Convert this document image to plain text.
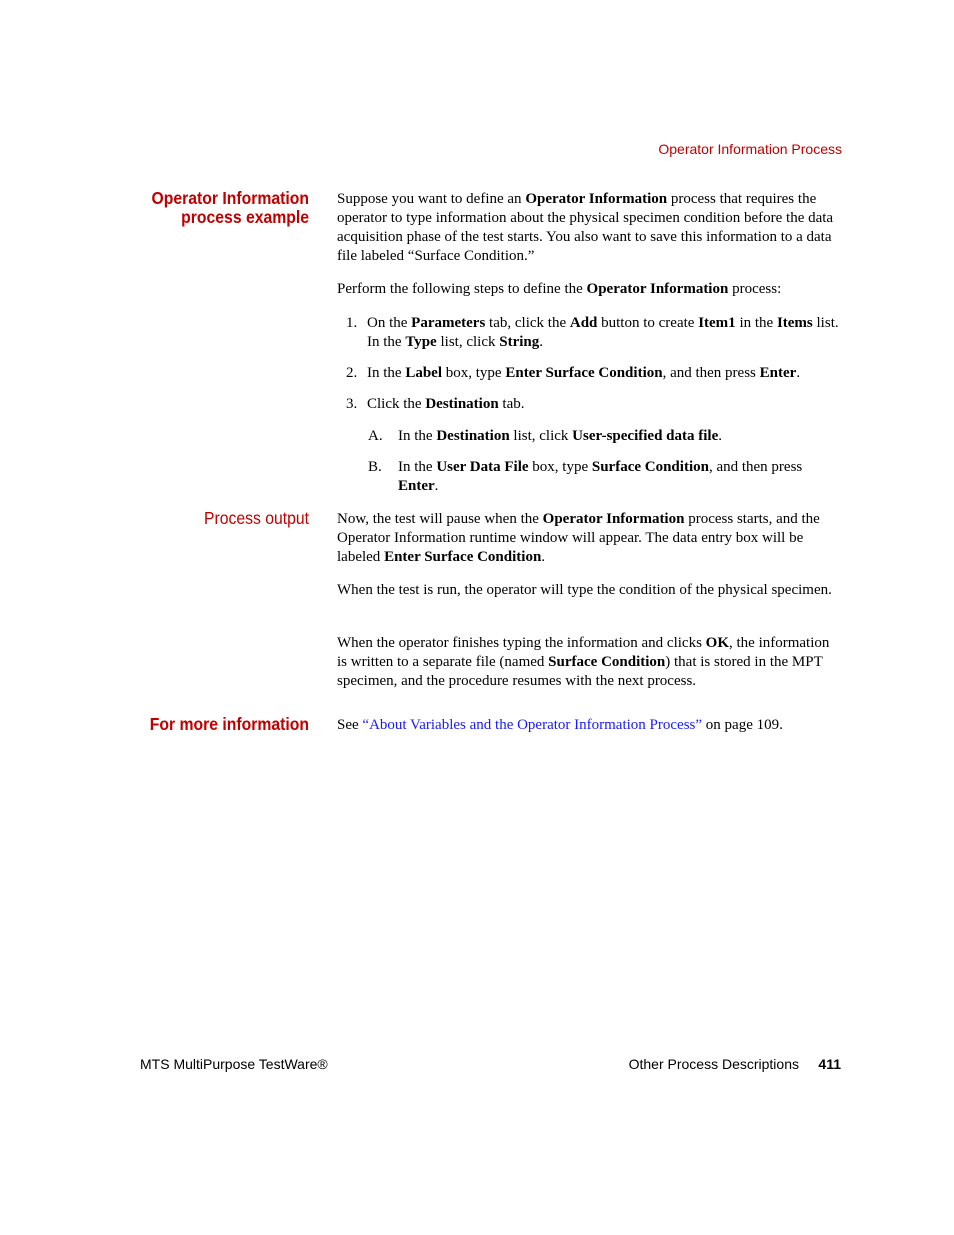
Operator Information Process
Operator Information
process example

Suppose you want to define an Operator Information process that requires the operator to type information about the physical specimen condition before the data acquisition phase of the test starts. You also want to save this information to a data file labeled “Surface Condition.”

Perform the following steps to define the Operator Information process:

1. On the Parameters tab, click the Add button to create Item1 in the Items list. In the Type list, click String.
2. In the Label box, type Enter Surface Condition, and then press Enter.
3. Click the Destination tab.
A. In the Destination list, click User-specified data file.
B. In the User Data File box, type Surface Condition, and then press Enter.
Process output Now, the test will pause when the Operator Information process starts, and the Operator Information runtime window will appear. The data entry box will be labeled Enter Surface Condition.

When the test is run, the operator will type the condition of the physical specimen.

When the operator finishes typing the information and clicks OK, the information is written to a separate file (named Surface Condition) that is stored in the MPT specimen, and the procedure resumes with the next process.

For more information See “About Variables and the Operator Information Process” on page 109.

MTS MultiPurpose TestWare®	Other Process Descriptions 411
